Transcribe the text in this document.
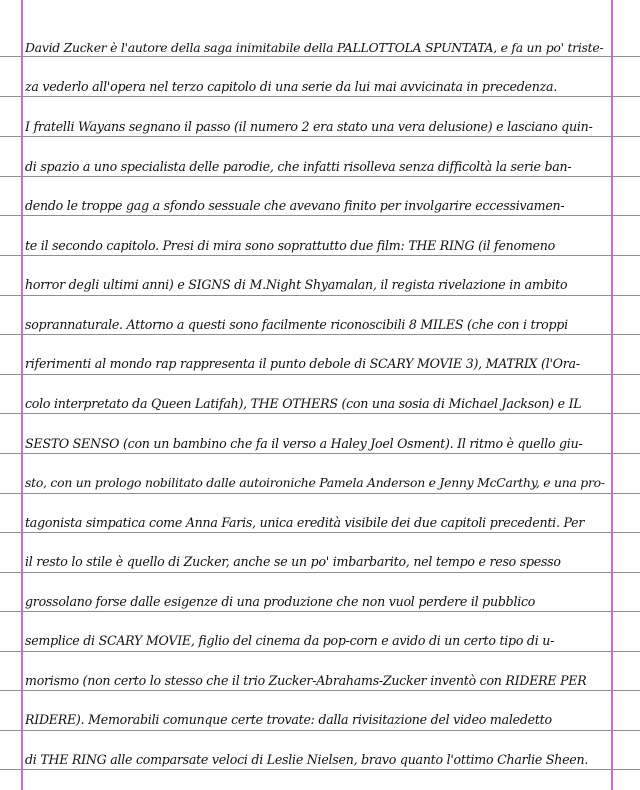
David Zucker è l'autore della saga inimitabile della PALLOTTOLA SPUNTATA, e fa un po' triste-
za vederlo all'opera nel terzo capitolo di una serie da lui mai avvicinata in precedenza.
I fratelli Wayans segnano il passo (il numero 2 era stato una vera delusione) e lasciano quin-
di spazio a uno specialista delle parodie, che infatti risolleva senza difficoltà la serie ban-
dendo le troppe gag a sfondo sessuale che avevano finito per involgarire eccessivamen-
te il secondo capitolo. Presi di mira sono soprattutto due film: THE RING (il fenomeno
horror degli ultimi anni) e SIGNS di M.Night Shyamalan, il regista rivelazione in ambito
soprannaturale. Attorno a questi sono facilmente riconoscibili 8 MILES (che con i troppi
riferimenti al mondo rap rappresenta il punto debole di SCARY MOVIE 3), MATRIX (l'Ora-
colo interpretato da Queen Latifah), THE OTHERS (con una sosia di Michael Jackson) e IL
SESTO SENSO (con un bambino che fa il verso a Haley Joel Osment). Il ritmo è quello giu-
sto, con un prologo nobilitato dalle autoironiche Pamela Anderson e Jenny McCarthy, e una pro-
tagonista simpatica come Anna Faris, unica eredità visibile dei due capitoli precedenti. Per
il resto lo stile è quello di Zucker, anche se un po' imbarbarito, nel tempo e reso spesso
grossolano forse dalle esigenze di una produzione che non vuol perdere il pubblico
semplice di SCARY MOVIE, figlio del cinema da pop-corn e avido di un certo tipo di u-
morismo (non certo lo stesso che il trio Zucker-Abrahams-Zucker inventò con RIDERE PER
RIDERE). Memorabili comunque certe trovate: dalla rivisitazione del video maledetto
di THE RING alle comparsate veloci di Leslie Nielsen, bravo quanto l'ottimo Charlie Sheen.
